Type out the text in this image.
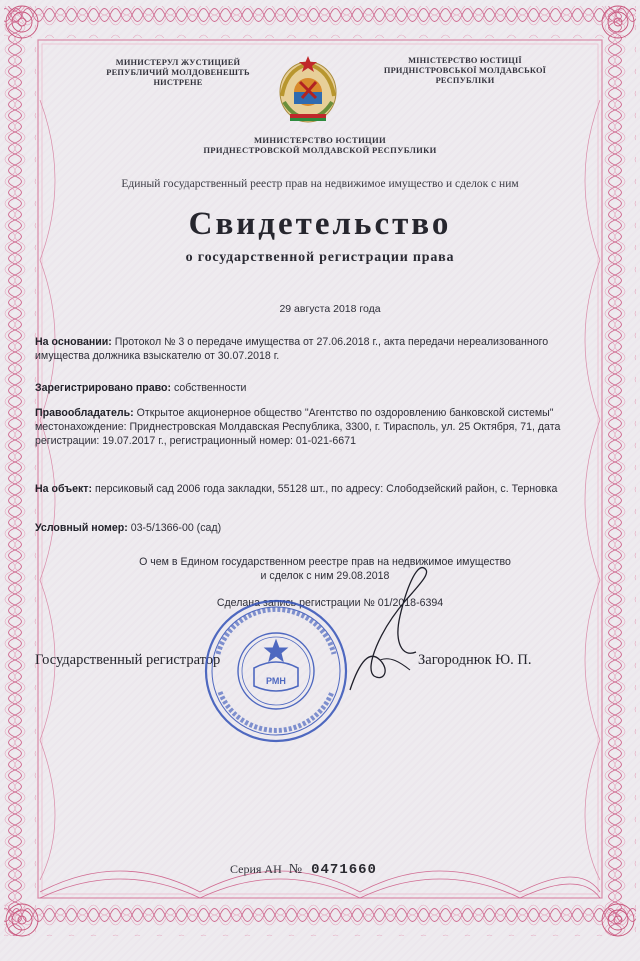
МИНИСТЕРУЛ ЖУСТИЦИЕЙ
РЕПУБЛИЧИЙ МОЛДОВЕНЕШТЬ
НИСТРЕНЕ
МІНІСТЕРСТВО ЮСТИЦІЇ
ПРИДНІСТРОВСЬКОЇ МОЛДАВСЬКОЇ
РЕСПУБЛІКИ
МИНИСТЕРСТВО ЮСТИЦИИ
ПРИДНЕСТРОВСКОЙ МОЛДАВСКОЙ РЕСПУБЛИКИ
Единый государственный реестр прав на недвижимое имущество и сделок с ним
Свидетельство
о государственной регистрации права
29 августа 2018 года
На основании: Протокол № 3 о передаче имущества от 27.06.2018 г., акта передачи нереализованного имущества должника взыскателю от 30.07.2018 г.
Зарегистрировано право: собственности
Правообладатель: Открытое акционерное общество "Агентство по оздоровлению банковской системы" местонахождение: Приднестровская Молдавская Республика, 3300, г. Тирасполь, ул. 25 Октября, 71, дата регистрации: 19.07.2017 г., регистрационный номер: 01-021-6671
На объект: персиковый сад 2006 года закладки, 55128 шт., по адресу: Слободзейский район, с. Терновка
Условный номер: 03-5/1366-00 (сад)
О чем в Едином государственном реестре прав на недвижимое имущество
и сделок с ним 29.08.2018
Сделана запись регистрации № 01/2018-6394
Государственный регистратор	Загороднюк Ю. П.
РМН
Серия АН № 0471660
